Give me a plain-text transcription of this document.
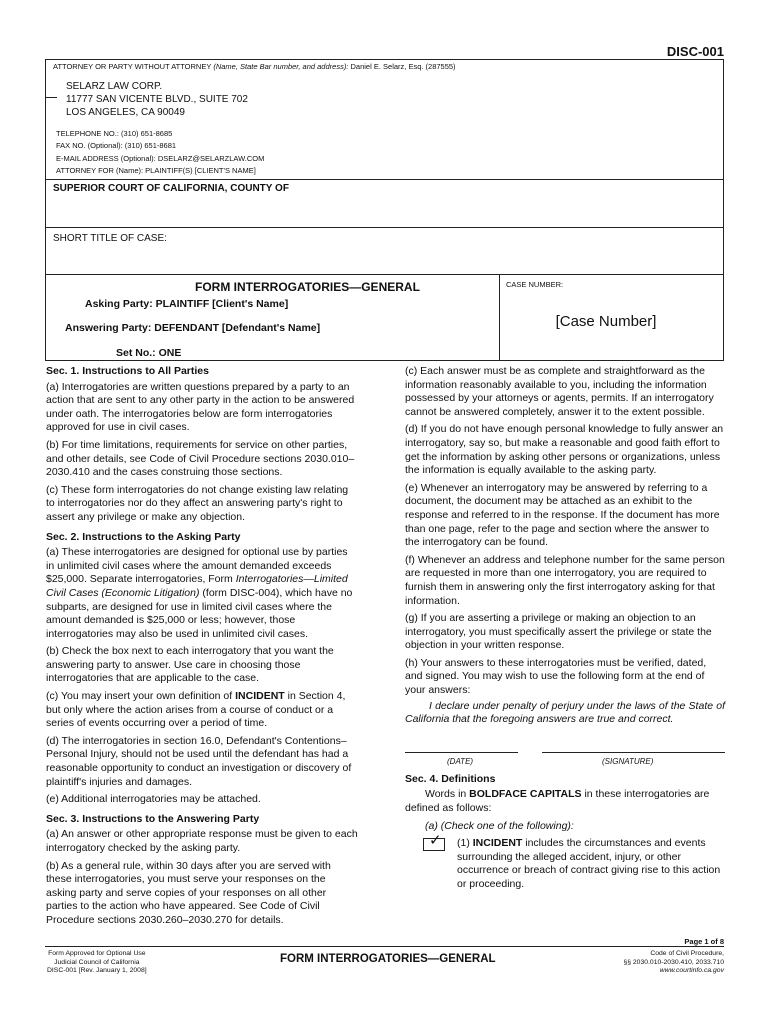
DISC-001
ATTORNEY OR PARTY WITHOUT ATTORNEY (Name, State Bar number, and address): Daniel E. Selarz, Esq. (287555)
SELARZ LAW CORP.
11777 SAN VICENTE BLVD., SUITE 702
LOS ANGELES, CA 90049
TELEPHONE NO.: (310) 651-8685
FAX NO. (Optional): (310) 651-8681
E-MAIL ADDRESS (Optional): DSELARZ@SELARZLAW.COM
ATTORNEY FOR (Name): PLAINTIFF(S) [CLIENT'S NAME]
SUPERIOR COURT OF CALIFORNIA, COUNTY OF
SHORT TITLE OF CASE:
FORM INTERROGATORIES—GENERAL
Asking Party: PLAINTIFF [Client's Name]
Answering Party: DEFENDANT [Defendant's Name]
Set No.: ONE
CASE NUMBER:
[Case Number]
Sec. 1. Instructions to All Parties

(a) Interrogatories are written questions prepared by a party to an action that are sent to any other party in the action to be answered under oath. The interrogatories below are form interrogatories approved for use in civil cases.

(b) For time limitations, requirements for service on other parties, and other details, see Code of Civil Procedure sections 2030.010–2030.410 and the cases construing those sections.

(c) These form interrogatories do not change existing law relating to interrogatories nor do they affect an answering party's right to assert any privilege or make any objection.

Sec. 2. Instructions to the Asking Party

(a) These interrogatories are designed for optional use by parties in unlimited civil cases where the amount demanded exceeds $25,000. Separate interrogatories, Form Interrogatories—Limited Civil Cases (Economic Litigation) (form DISC-004), which have no subparts, are designed for use in limited civil cases where the amount demanded is $25,000 or less; however, those interrogatories may also be used in unlimited civil cases.

(b) Check the box next to each interrogatory that you want the answering party to answer. Use care in choosing those interrogatories that are applicable to the case.

(c) You may insert your own definition of INCIDENT in Section 4, but only where the action arises from a course of conduct or a series of events occurring over a period of time.

(d) The interrogatories in section 16.0, Defendant's Contentions–Personal Injury, should not be used until the defendant has had a reasonable opportunity to conduct an investigation or discovery of plaintiff's injuries and damages.

(e) Additional interrogatories may be attached.

Sec. 3. Instructions to the Answering Party

(a) An answer or other appropriate response must be given to each interrogatory checked by the asking party.

(b) As a general rule, within 30 days after you are served with these interrogatories, you must serve your responses on the asking party and serve copies of your responses on all other parties to the action who have appeared. See Code of Civil Procedure sections 2030.260–2030.270 for details.

(c) Each answer must be as complete and straightforward as the information reasonably available to you, including the information possessed by your attorneys or agents, permits. If an interrogatory cannot be answered completely, answer it to the extent possible.

(d) If you do not have enough personal knowledge to fully answer an interrogatory, say so, but make a reasonable and good faith effort to get the information by asking other persons or organizations, unless the information is equally available to the asking party.

(e) Whenever an interrogatory may be answered by referring to a document, the document may be attached as an exhibit to the response and referred to in the response. If the document has more than one page, refer to the page and section where the answer to the interrogatory can be found.

(f) Whenever an address and telephone number for the same person are requested in more than one interrogatory, you are required to furnish them in answering only the first interrogatory asking for that information.

(g) If you are asserting a privilege or making an objection to an interrogatory, you must specifically assert the privilege or state the objection in your written response.

(h) Your answers to these interrogatories must be verified, dated, and signed. You may wish to use the following form at the end of your answers:

I declare under penalty of perjury under the laws of the State of California that the foregoing answers are true and correct.

(DATE)	(SIGNATURE)
Sec. 4. Definitions

Words in BOLDFACE CAPITALS in these interrogatories are defined as follows:

(a) (Check one of the following):

✓ (1) INCIDENT includes the circumstances and events surrounding the alleged accident, injury, or other occurrence or breach of contract giving rise to this action or proceeding.
Page 1 of 8
Form Approved for Optional Use
Judicial Council of California
DISC-001 [Rev. January 1, 2008]
FORM INTERROGATORIES—GENERAL	Code of Civil Procedure,
§§ 2030.010-2030.410, 2033.710
www.courtinfo.ca.gov
